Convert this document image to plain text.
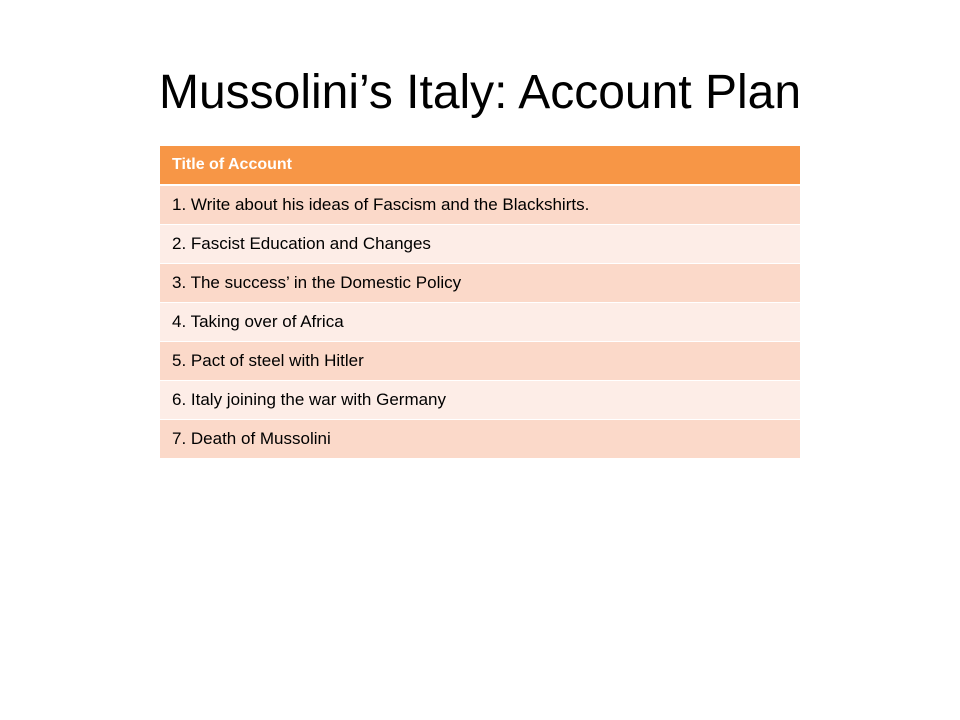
Mussolini’s Italy: Account Plan
Title of Account
1. Write about his ideas of Fascism and the Blackshirts.
2. Fascist Education and Changes
3. The success’ in the Domestic Policy
4. Taking over of Africa
5. Pact of steel with Hitler
6. Italy joining the war with Germany
7. Death of Mussolini
